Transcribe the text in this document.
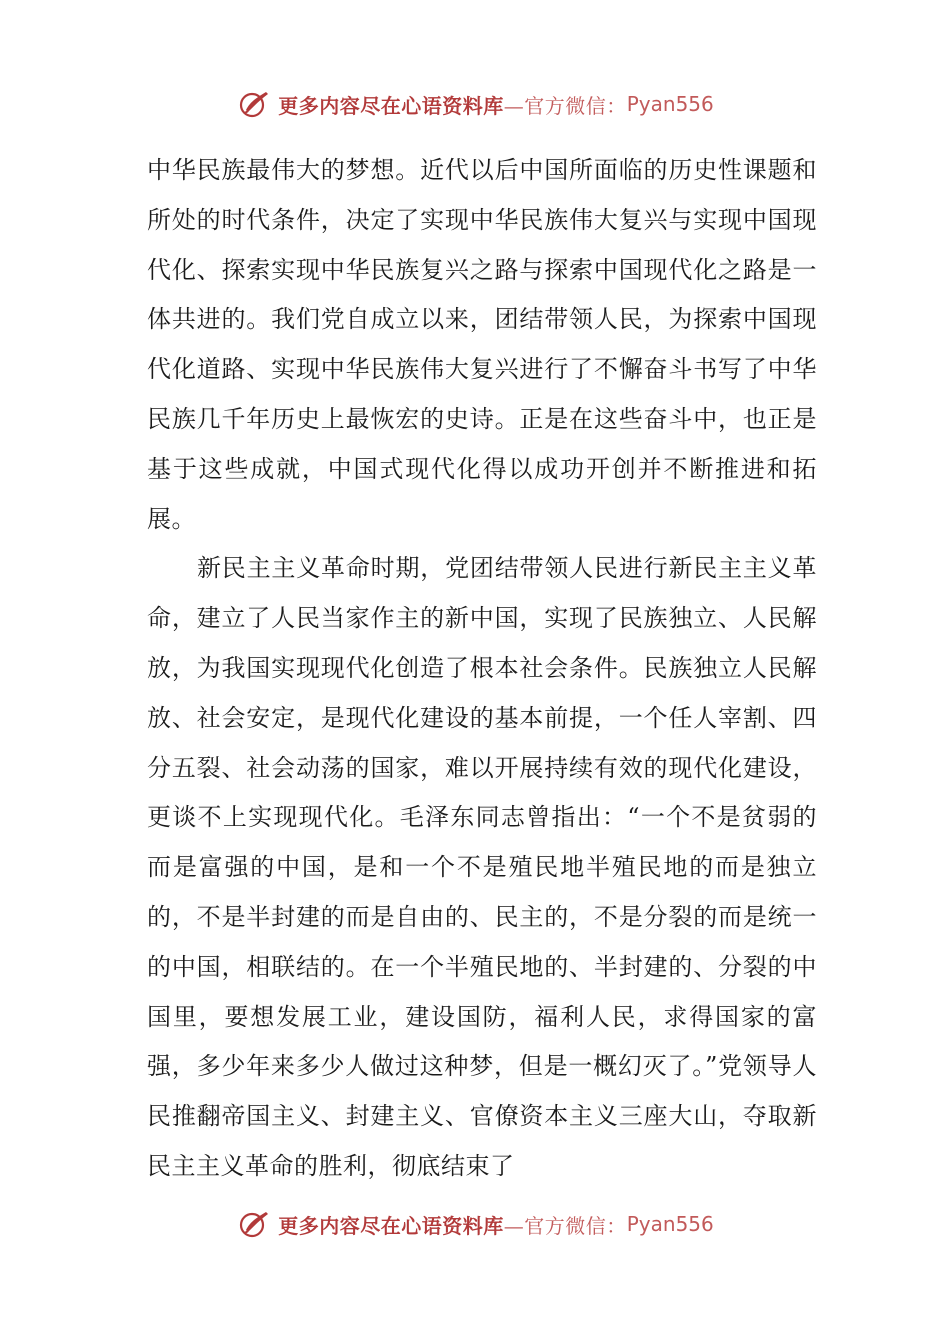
更多内容尽在心语资料库—官方微信： Pyan556

中华民族最伟大的梦想。近代以后中国所面临的历史性课题和所处的时代条件，决定了实现中华民族伟大复兴与实现中国现代化、探索实现中华民族复兴之路与探索中国现代化之路是一体共进的。我们党自成立以来，团结带领人民，为探索中国现代化道路、实现中华民族伟大复兴进行了不懈奋斗书写了中华民族几千年历史上最恢宏的史诗。正是在这些奋斗中，也正是基于这些成就，中国式现代化得以成功开创并不断推进和拓展。

新民主主义革命时期，党团结带领人民进行新民主主义革命，建立了人民当家作主的新中国，实现了民族独立、人民解放，为我国实现现代化创造了根本社会条件。民族独立人民解放、社会安定，是现代化建设的基本前提，一个任人宰割、四分五裂、社会动荡的国家，难以开展持续有效的现代化建设，更谈不上实现现代化。毛泽东同志曾指出：“一个不是贫弱的而是富强的中国，是和一个不是殖民地半殖民地的而是独立的，不是半封建的而是自由的、民主的，不是分裂的而是统一的中国，相联结的。在一个半殖民地的、半封建的、分裂的中国里，要想发展工业，建设国防，福利人民，求得国家的富强，多少年来多少人做过这种梦，但是一概幻灭了。”党领导人民推翻帝国主义、封建主义、官僚资本主义三座大山，夺取新民主主义革命的胜利，彻底结束了

更多内容尽在心语资料库—官方微信： Pyan556
